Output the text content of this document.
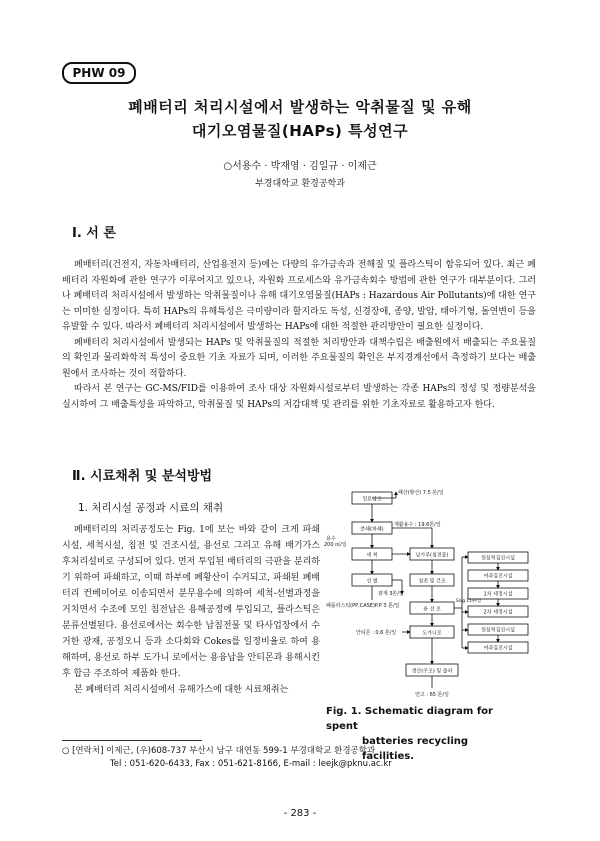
PHW 09
폐배터리 처리시설에서 발생하는 악취물질 및 유해
대기오염물질(HAPs) 특성연구
○서용수 · 박재영 · 김일규 · 이제근
부경대학교 환경공학과
Ⅰ. 서 론

폐배터리(건전지, 자동차배터리, 산업용전지 등)에는 다량의 유가금속과 전해질 및 플라스틱이 함유되어 있다. 최근 폐배터리 자원화에 관한 연구가 이루어지고 있으나, 자원화 프로세스와 유가금속회수 방법에 관한 연구가 대부분이다. 그러나 폐배터리 처리시설에서 발생하는 악취물질이나 유해 대기오염물질(HAPs : Hazardous Air Pollutants)에 대한 연구는 미미한 실정이다. 특히 HAPs의 유해특성은 극미량이라 할지라도 독성, 신경장애, 종양, 발암, 태아기형, 돌연변이 등을 유발할 수 있다. 따라서 폐배터리 처리시설에서 발생하는 HAPs에 대한 적절한 관리방안이 필요한 실정이다.

폐배터리 처리시설에서 발생되는 HAPs 및 악취물질의 적절한 처리방안과 대책수립은 배출원에서 배출되는 주요물질의 확인과 물리화학적 특성이 중요한 기초 자료가 되며, 이러한 주요물질의 확인은 부지경계선에서 측정하기 보다는 배출원에서 조사하는 것이 적합하다.

따라서 본 연구는 GC-MS/FID를 이용하여 조사 대상 자원화시설로부터 발생하는 각종 HAPs의 정성 및 정량분석을 실시하여 그 배출특성을 파악하고, 악취물질 및 HAPs의 저감대책 및 관리를 위한 기초자료로 활용하고자 한다.

Ⅱ. 시료채취 및 분석방법
1. 처리시설 공정과 시료의 채취

폐배터리의 처리공정도는 Fig. 1에 보는 바와 같이 크게 파쇄시설, 세척시설, 침전 및 건조시설, 용선로 그리고 유해 배기가스 후처리설비로 구성되어 있다. 먼저 투입된 배터리의 극판을 분리하기 위하여 파쇄하고, 이때 하부에 폐황산이 수거되고, 파쇄된 폐배터리 컨베이어로 이송되면서 분무용수에 의하여 세척-선별과정을 거치면서 수조에 모인 침전납은 용해공정에 투입되고, 플라스틱은 분류선별된다. 용선로에서는 회수한 납침전물 및 타사업장에서 수거한 광재, 공정오니 등과 소다회와 Cokes를 일정비율로 하여 용해하며, 용선로 하부 도가니 로에서는 용융납을 안티몬과 용해시킨 후 합금 주조하여 제품화 한다.

본 폐배터리 처리시설에서 유해가스에 대한 시료채취는

원료입고
폐산(황산) 7.5 톤/일
분쇄(파쇄)
용수
200 ㎥/일
세 척
선 별
재활용수 : 19.6톤/일
납가루(침전물)
침전 및 건조
폐플라스틱(PP,CASE)P.P 3 톤/일
광재 3톤/일
용 선 로
도가니로
안티몬 : 0.6 톤/일
Slag 15톤/일
생산(주조) 및 출하
연고 : 65 톤/일
원심력집진시설
여과집진시설
1차 세정시설
2차 세정시설
원심력집진시설
여과집진시설
Fig. 1. Schematic diagram for spent
batteries recycling facilities.
○ [연락처] 이제근, (우)608-737 부산시 남구 대연동 599-1 부경대학교 환경공학과
Tel : 051-620-6433, Fax : 051-621-8166, E-mail : leejk@pknu.ac.kr
- 283 -
